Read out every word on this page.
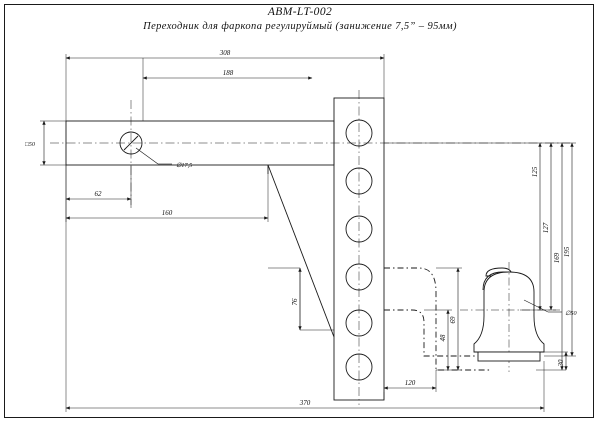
ABM-LT-002
Переходник для фаркопа регулируймый (занижение 7,5” – 95мм)
308
188
□50
∅17,5
62
160
370
120
76
195
169
127
125
69
48
30
∅50
